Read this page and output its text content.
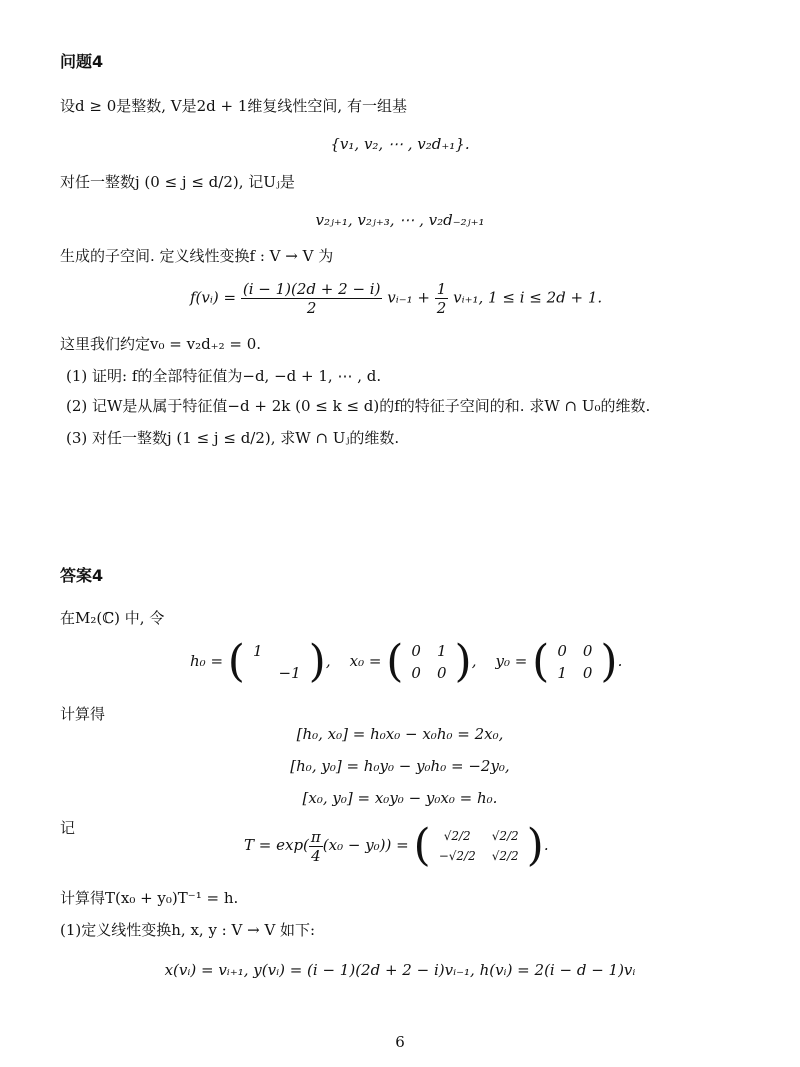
问题4
设d ≥ 0是整数, V是2d + 1维复线性空间, 有一组基
{v₁, v₂, ⋯ , v₂d₊₁}.
对任一整数j (0 ≤ j ≤ d/2), 记Uⱼ是
v₂ⱼ₊₁, v₂ⱼ₊₃, ⋯ , v₂d₋₂ⱼ₊₁
生成的子空间. 定义线性变换f : V → V 为
f(vᵢ) = $\frac{(i - 1)(2d + 2 - i)}{2}$ vᵢ₋₁ + $\frac{1}{2}$ vᵢ₊₁, 1 ≤ i ≤ 2d + 1.
这里我们约定v₀ = v₂d₊₂ = 0.
(1) 证明: f的全部特征值为−d, −d + 1, ⋯ , d.
(2) 记W是从属于特征值−d + 2k (0 ≤ k ≤ d)的f的特征子空间的和. 求W ∩ U₀的维数.
(3) 对任一整数j (1 ≤ j ≤ d/2), 求W ∩ Uⱼ的维数.
答案4
在M₂(ℂ) 中, 令
h₀ = ( 1	
	−1 ),    x₀ = ( 0	1
0	0 ),    y₀ = ( 0	0
1	0 ).
计算得
[h₀, x₀] = h₀x₀ − x₀h₀ = 2x₀,
[h₀, y₀] = h₀y₀ − y₀h₀ = −2y₀,
[x₀, y₀] = x₀y₀ − y₀x₀ = h₀.
记
$T = \exp( \frac{\pi}{4} (x_0 - y_0))$ = ( √2/2	√2/2
−√2/2	√2/2 ).
计算得T(x₀ + y₀)T⁻¹ = h.
(1)定义线性变换h, x, y : V → V 如下:
x(vᵢ) = vᵢ₊₁, y(vᵢ) = (i − 1)(2d + 2 − i)vᵢ₋₁, h(vᵢ) = 2(i − d − 1)vᵢ
6
